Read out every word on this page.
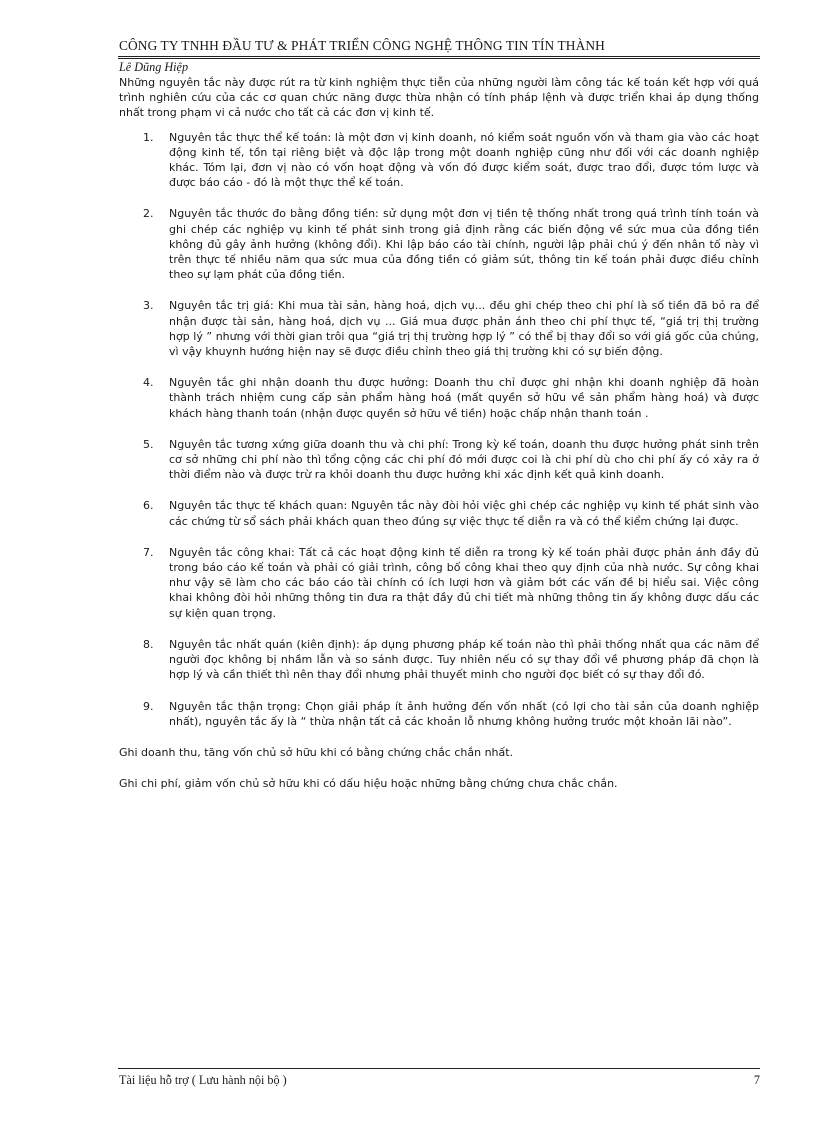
CÔNG TY TNHH ĐẦU TƯ & PHÁT TRIỂN CÔNG NGHỆ THÔNG TIN TÍN THÀNH
Lê Dũng Hiệp

Những nguyên tắc này được rút ra từ kinh nghiệm thực tiễn của những người làm công tác kế toán kết hợp với quá trình nghiên cứu của các cơ quan chức năng được thừa nhận có tính pháp lệnh và được triển khai áp dụng thống nhất trong phạm vi cả nước cho tất cả các đơn vị kinh tế.

1. Nguyên tắc thực thể kế toán: là một đơn vị kinh doanh, nó kiểm soát nguồn vốn và tham gia vào các hoạt động kinh tế, tồn tại riêng biệt và độc lập trong một doanh nghiệp cũng như đối với các doanh nghiệp khác. Tóm lại, đơn vị nào có vốn hoạt động và vốn đó được kiểm soát, được trao đổi, được tóm lược và được báo cáo - đó là một thực thể kế toán.
2. Nguyên tắc thước đo bằng đồng tiền: sử dụng một đơn vị tiền tệ thống nhất trong quá trình tính toán và ghi chép các nghiệp vụ kinh tế phát sinh trong giả định rằng các biến động về sức mua của đồng tiền không đủ gây ảnh hưởng (không đổi). Khi lập báo cáo tài chính, người lập phải chú ý đến nhân tố này vì trên thực tế nhiều năm qua sức mua của đồng tiền có giảm sút, thông tin kế toán phải được điều chỉnh theo sự lạm phát của đồng tiền.
3. Nguyên tắc trị giá: Khi mua tài sản, hàng hoá, dịch vụ... đều ghi chép theo chi phí là số tiền đã bỏ ra để nhận được tài sản, hàng hoá, dịch vụ ... Giá mua được phản ánh theo chi phí thực tế, “giá trị thị trường hợp lý ” nhưng với thời gian trôi qua “giá trị thị trường hợp lý ” có thể bị thay đổi so với giá gốc của chúng, vì vậy khuynh hướng hiện nay sẽ được điều chỉnh theo giá thị trường khi có sự biến động.
4. Nguyên tắc ghi nhận doanh thu được hưởng: Doanh thu chỉ được ghi nhận khi doanh nghiệp đã hoàn thành trách nhiệm cung cấp sản phẩm hàng hoá (mất quyền sở hữu về sản phẩm hàng hoá) và được khách hàng thanh toán (nhận được quyền sở hữu về tiền) hoặc chấp nhận thanh toán .
5. Nguyên tắc tương xứng giữa doanh thu và chi phí: Trong kỳ kế toán, doanh thu được hưởng phát sinh trên cơ sở những chi phí nào thì tổng cộng các chi phí đó mới được coi là chi phí dù cho chi phí ấy có xảy ra ở thời điểm nào và được trừ ra khỏi doanh thu được hưởng khi xác định kết quả kinh doanh.
6. Nguyên tắc thực tế khách quan: Nguyên tắc này đòi hỏi việc ghi chép các nghiệp vụ kinh tế phát sinh vào các chứng từ sổ sách phải khách quan theo đúng sự việc thực tế diễn ra và có thể kiểm chứng lại được.
7. Nguyên tắc công khai: Tất cả các hoạt động kinh tế diễn ra trong kỳ kế toán phải được phản ánh đầy đủ trong báo cáo kế toán và phải có giải trình, công bố công khai theo quy định của nhà nước. Sự công khai như vậy sẽ làm cho các báo cáo tài chính có ích lượi hơn và giảm bớt các vấn đề bị hiểu sai. Việc công khai không đòi hỏi những thông tin đưa ra thật đầy đủ chi tiết mà những thông tin ấy không được dấu các sự kiện quan trọng.
8. Nguyên tắc nhất quán (kiên định): áp dụng phương pháp kế toán nào thì phải thống nhất qua các năm để người đọc không bị nhầm lẫn và so sánh được. Tuy nhiên nếu có sự thay đổi về phương pháp đã chọn là hợp lý và cần thiết thì nên thay đổi nhưng phải thuyết minh cho người đọc biết có sự thay đổi đó.
9. Nguyên tắc thận trọng: Chọn giải pháp ít ảnh hưởng đến vốn nhất (có lợi cho tài sản của doanh nghiệp nhất), nguyên tắc ấy là “ thừa nhận tất cả các khoản lỗ nhưng không hưởng trước một khoản lãi nào”.

Ghi doanh thu, tăng vốn chủ sở hữu khi có bằng chứng chắc chắn nhất.

Ghi chi phí, giảm vốn chủ sở hữu khi có dấu hiệu hoặc những bằng chứng chưa chắc chắn.

Tài liệu hỗ trợ ( Lưu hành nội bộ )	7
